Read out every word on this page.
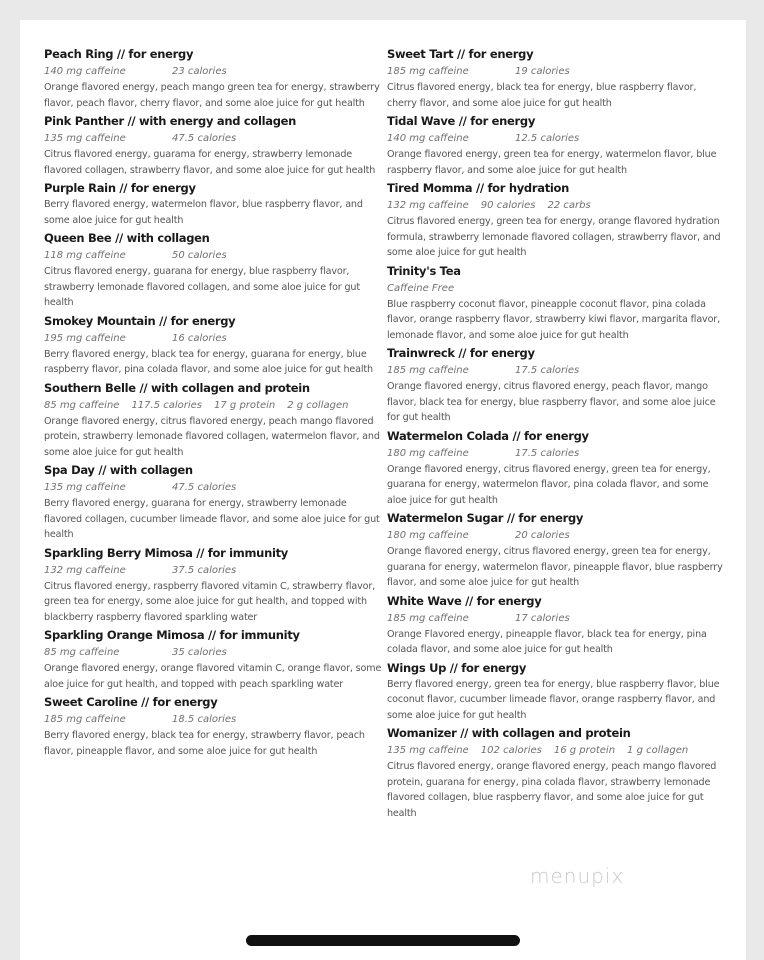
Peach Ring // for energy
140 mg caffeine	23 calories
Orange flavored energy, peach mango green tea for energy, strawberry flavor, peach flavor, cherry flavor, and some aloe juice for gut health
Pink Panther // with energy and collagen
135 mg caffeine	47.5 calories
Citrus flavored energy, guarama for energy, strawberry lemonade flavored collagen, strawberry flavor, and some aloe juice for gut health
Purple Rain // for energy
Berry flavored energy, watermelon flavor, blue raspberry flavor, and some aloe juice for gut health
Queen Bee // with collagen
118 mg caffeine	50 calories
Citrus flavored energy, guarana for energy, blue raspberry flavor, strawberry lemonade flavored collagen, and some aloe juice for gut health
Smokey Mountain // for energy
195 mg caffeine	16 calories
Berry flavored energy, black tea for energy, guarana for energy, blue raspberry flavor, pina colada flavor, and some aloe juice for gut health
Southern Belle // with collagen and protein
85 mg caffeine 117.5 calories 17 g protein 2 g collagen
Orange flavored energy, citrus flavored energy, peach mango flavored protein, strawberry lemonade flavored collagen, watermelon flavor, and some aloe juice for gut health
Spa Day // with collagen
135 mg caffeine	47.5 calories
Berry flavored energy, guarana for energy, strawberry lemonade flavored collagen, cucumber limeade flavor, and some aloe juice for gut health
Sparkling Berry Mimosa // for immunity
132 mg caffeine	37.5 calories
Citrus flavored energy, raspberry flavored vitamin C, strawberry flavor, green tea for energy, some aloe juice for gut health, and topped with blackberry raspberry flavored sparkling water
Sparkling Orange Mimosa // for immunity
85 mg caffeine	35 calories
Orange flavored energy, orange flavored vitamin C, orange flavor, some aloe juice for gut health, and topped with peach sparkling water
Sweet Caroline // for energy
185 mg caffeine	18.5 calories
Berry flavored energy, black tea for energy, strawberry flavor, peach flavor, pineapple flavor, and some aloe juice for gut health
Sweet Tart // for energy
185 mg caffeine	19 calories
Citrus flavored energy, black tea for energy, blue raspberry flavor, cherry flavor, and some aloe juice for gut health
Tidal Wave // for energy
140 mg caffeine	12.5 calories
Orange flavored energy, green tea for energy, watermelon flavor, blue raspberry flavor, and some aloe juice for gut health
Tired Momma // for hydration
132 mg caffeine 90 calories 22 carbs
Citrus flavored energy, green tea for energy, orange flavored hydration formula, strawberry lemonade flavored collagen, strawberry flavor, and some aloe juice for gut health
Trinity's Tea
Caffeine Free
Blue raspberry coconut flavor, pineapple coconut flavor, pina colada flavor, orange raspberry flavor, strawberry kiwi flavor, margarita flavor, lemonade flavor, and some aloe juice for gut health
Trainwreck // for energy
185 mg caffeine	17.5 calories
Orange flavored energy, citrus flavored energy, peach flavor, mango flavor, black tea for energy, blue raspberry flavor, and some aloe juice for gut health
Watermelon Colada // for energy
180 mg caffeine	17.5 calories
Orange flavored energy, citrus flavored energy, green tea for energy, guarana for energy, watermelon flavor, pina colada flavor, and some aloe juice for gut health
Watermelon Sugar // for energy
180 mg caffeine	20 calories
Orange flavored energy, citrus flavored energy, green tea for energy, guarana for energy, watermelon flavor, pineapple flavor, blue raspberry flavor, and some aloe juice for gut health
White Wave // for energy
185 mg caffeine	17 calories
Orange Flavored energy, pineapple flavor, black tea for energy, pina colada flavor, and some aloe juice for gut health
Wings Up // for energy
Berry flavored energy, green tea for energy, blue raspberry flavor, blue coconut flavor, cucumber limeade flavor, orange raspberry flavor, and some aloe juice for gut health
Womanizer // with collagen and protein
135 mg caffeine 102 calories 16 g protein 1 g collagen
Citrus flavored energy, orange flavored energy, peach mango flavored protein, guarana for energy, pina colada flavor, strawberry lemonade flavored collagen, blue raspberry flavor, and some aloe juice for gut health
menupix
